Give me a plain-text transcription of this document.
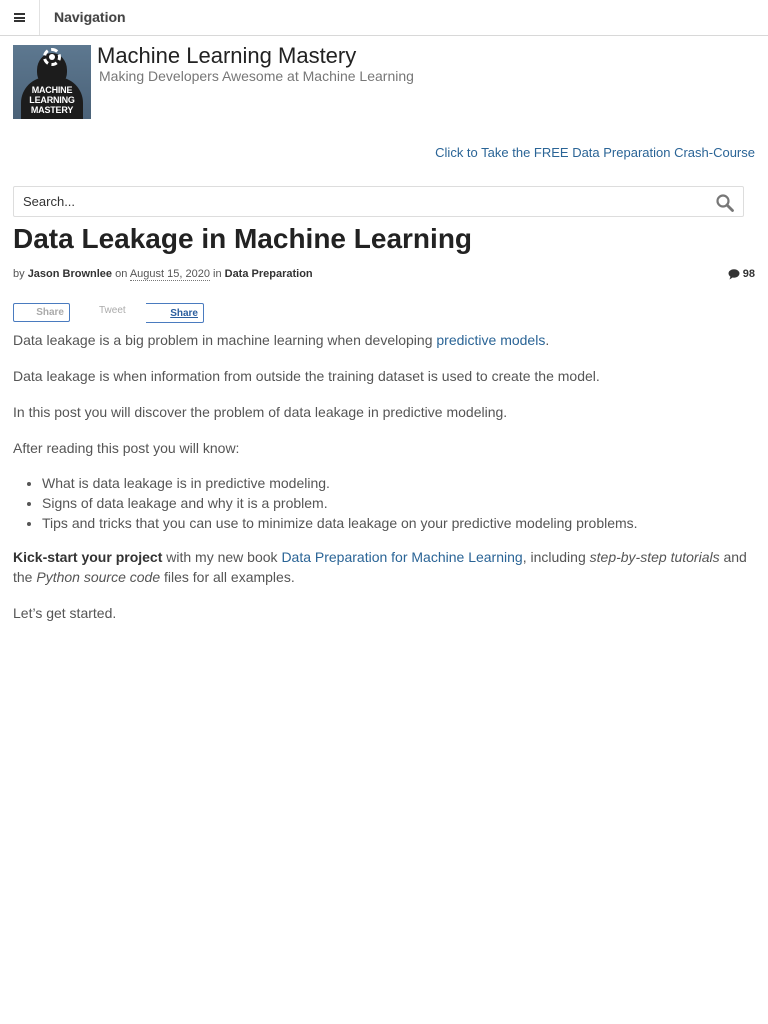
Navigation
MACHINE
LEARNING
MASTERY
Machine Learning Mastery
Making Developers Awesome at Machine Learning
Click to Take the FREE Data Preparation Crash-Course
Search...
Data Leakage in Machine Learning
by Jason Brownlee on August 15, 2020 in Data Preparation	98
Share	Tweet	Share

Data leakage is a big problem in machine learning when developing predictive models.

Data leakage is when information from outside the training dataset is used to create the model.

In this post you will discover the problem of data leakage in predictive modeling.

After reading this post you will know:

• What is data leakage is in predictive modeling.
• Signs of data leakage and why it is a problem.
• Tips and tricks that you can use to minimize data leakage on your predictive modeling problems.

Kick-start your project with my new book Data Preparation for Machine Learning, including step-by-step tutorials and the Python source code files for all examples.

Let’s get started.
